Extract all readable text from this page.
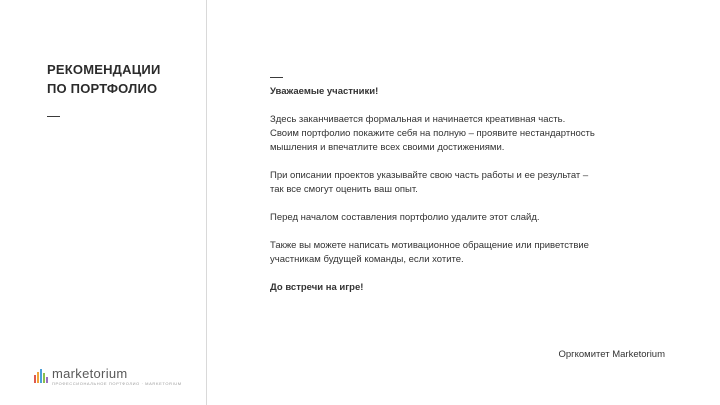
РЕКОМЕНДАЦИИ
ПО ПОРТФОЛИО
marketorium
ПРОФЕССИОНАЛЬНОЕ ПОРТФОЛИО · MARKETORIUM

Уважаемые участники!

Здесь заканчивается формальная и начинается креативная часть.
Своим портфолио покажите себя на полную – проявите нестандартность
мышления и впечатлите всех своими достижениями.

При описании проектов указывайте свою часть работы и ее результат –
так все смогут оценить ваш опыт.

Перед началом составления портфолио удалите этот слайд.

Также вы можете написать мотивационное обращение или приветствие
участникам будущей команды, если хотите.

До встречи на игре!

Оргкомитет Marketorium
